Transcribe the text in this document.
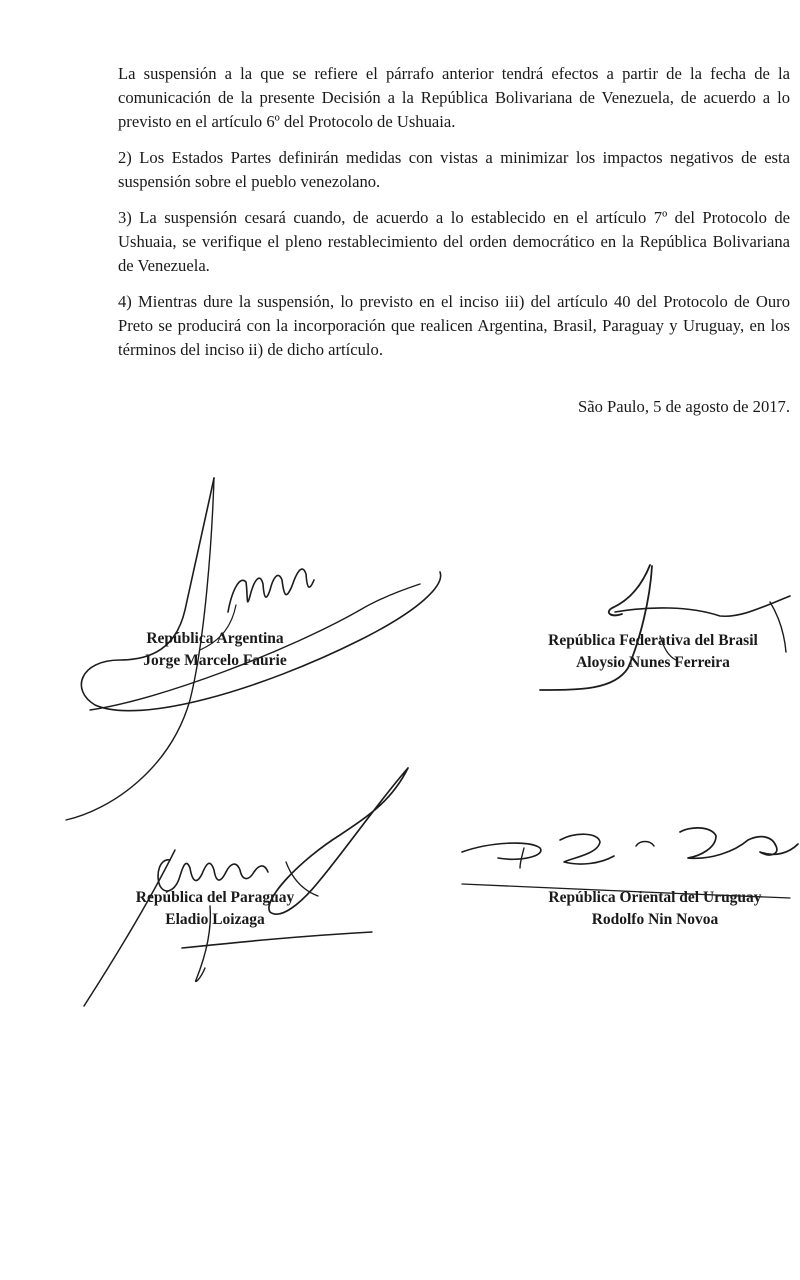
La suspensión a la que se refiere el párrafo anterior tendrá efectos a partir de la fecha de la comunicación de la presente Decisión a la República Bolivariana de Venezuela, de acuerdo a lo previsto en el artículo 6º del Protocolo de Ushuaia.

2) Los Estados Partes definirán medidas con vistas a minimizar los impactos negativos de esta suspensión sobre el pueblo venezolano.

3) La suspensión cesará cuando, de acuerdo a lo establecido en el artículo 7º del Protocolo de Ushuaia, se verifique el pleno restablecimiento del orden democrático en la República Bolivariana de Venezuela.

4) Mientras dure la suspensión, lo previsto en el inciso iii) del artículo 40 del Protocolo de Ouro Preto se producirá con la incorporación que realicen Argentina, Brasil, Paraguay y Uruguay, en los términos del inciso ii) de dicho artículo.

São Paulo, 5 de agosto de 2017.
República Argentina
Jorge Marcelo Faurie
República Federativa del Brasil
Aloysio Nunes Ferreira
República del Paraguay
Eladio Loizaga
República Oriental del Uruguay
Rodolfo Nin Novoa
